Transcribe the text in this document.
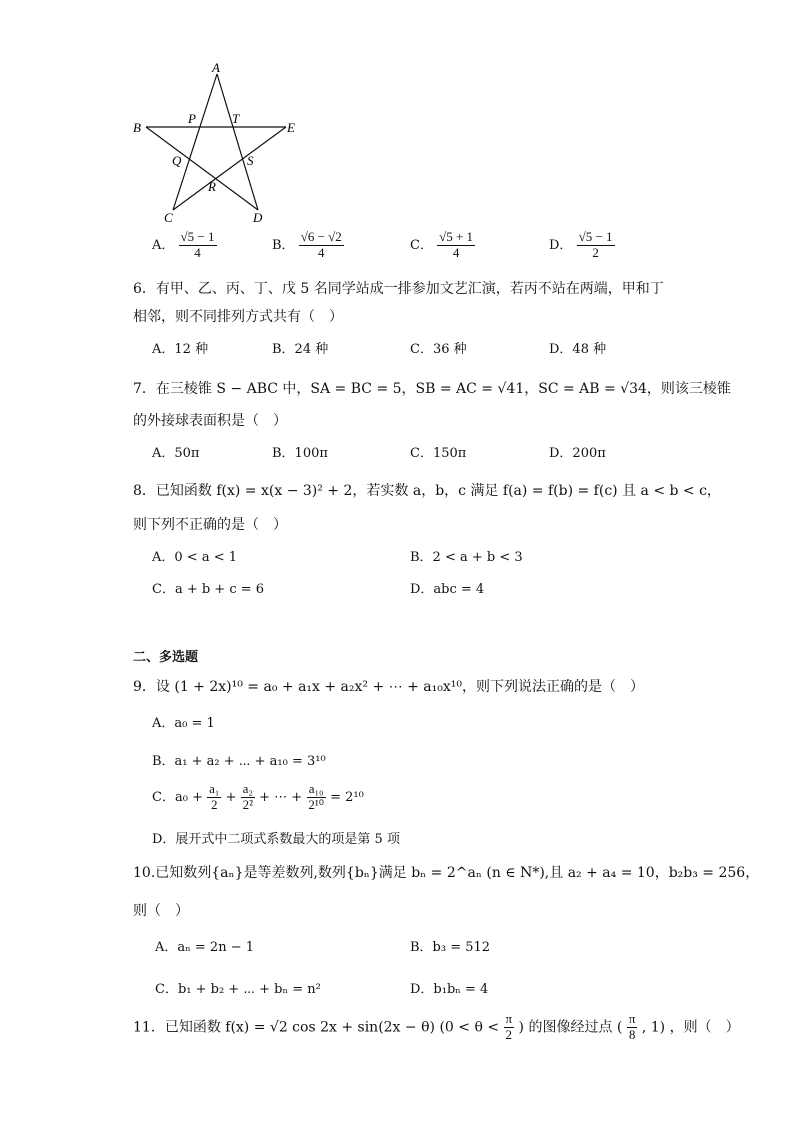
A
B	E
P	T
Q	S
R
C	D
A． $\frac{√5 - 1}{4}$	B． $\frac{√6 - √2}{4}$	C． $\frac{√5 + 1}{4}$	D． $\frac{√5 - 1}{2}$
6．有甲、乙、丙、丁、戊 5 名同学站成一排参加文艺汇演，若丙不站在两端，甲和丁
相邻，则不同排列方式共有（　）
A．12 种	B．24 种	C．36 种	D．48 种
7．在三棱锥 S − ABC 中，SA = BC = 5，SB = AC = √41，SC = AB = √34，则该三棱锥
的外接球表面积是（　）
A．50π	B．100π	C．150π	D．200π
8．已知函数 f(x) = x(x − 3)² + 2，若实数 a，b，c 满足 f(a) = f(b) = f(c) 且 a < b < c，
则下列不正确的是（　）
A．0 < a < 1	B．2 < a + b < 3
C．a + b + c = 6	D．abc = 4
二、多选题
9．设 (1 + 2x)¹⁰ = a₀ + a₁x + a₂x² + ⋯ + a₁₀x¹⁰，则下列说法正确的是（　）
A．a₀ = 1
B．a₁ + a₂ + ⋯ + a₁₀ = 3¹⁰
C．$a_0 + \frac{\text{a₁}}{2} + \frac{\text{a₂}}{\text{2²}}$ + ⋯ + $\frac{\text{a₁₀}}{\text{2¹⁰}} = 2^{10}$
D．展开式中二项式系数最大的项是第 5 项
10.已知数列{aₙ}是等差数列,数列{bₙ}满足 bₙ = 2^aₙ (n ∈ N*),且 a₂ + a₄ = 10，b₂b₃ = 256，
则（　）
A．aₙ = 2n − 1	B．b₃ = 512
C．b₁ + b₂ + ⋯ + bₙ = n²	D．b₁bₙ = 4
11．已知函数 f(x) = √2 cos 2x + sin(2x − θ) ($0 < \theta < \frac{\pi}{2}$ ) 的图像经过点 ( $\frac{\pi}{8}$ , 1) ，则（　）
